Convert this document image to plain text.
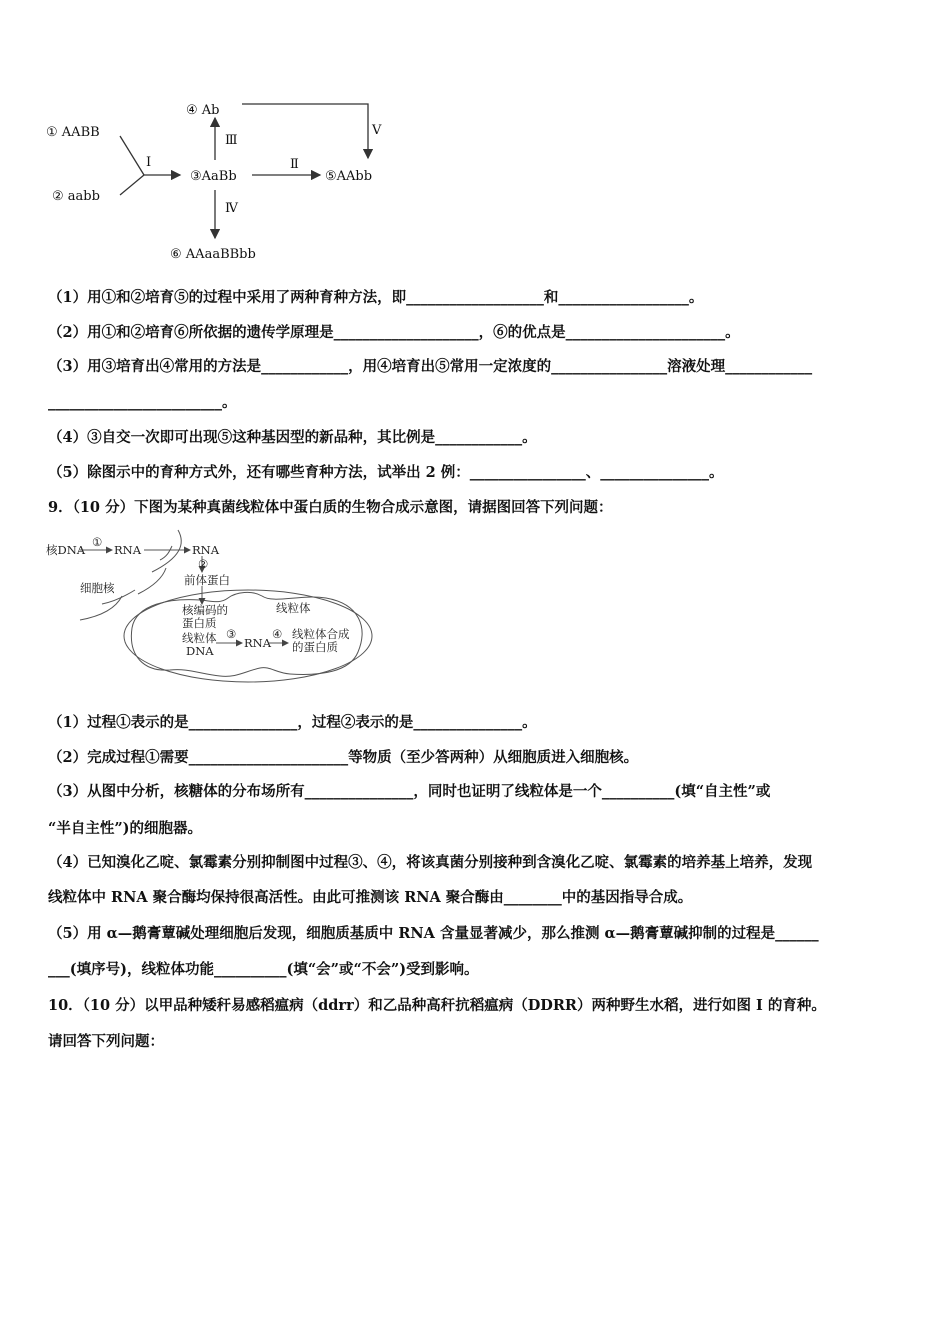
① AABB
② aabb
③AaBb
④ Ab
⑤AAbb
⑥ AAaaBBbb
Ⅰ	Ⅱ
Ⅲ
Ⅳ
Ⅴ
（1）用①和②培育⑤的过程中采用了两种育种方法，即___________________和__________________。
（2）用①和②培育⑥所依据的遗传学原理是____________________，⑥的优点是______________________。
（3）用③培育出④常用的方法是____________，用④培育出⑤常用一定浓度的________________溶液处理____________
________________________。
（4）③自交一次即可出现⑤这种基因型的新品种，其比例是____________。
（5）除图示中的育种方式外，还有哪些育种方法，试举出 2 例：________________、_______________。
9．（10 分）下图为某种真菌线粒体中蛋白质的生物合成示意图，请据图回答下列问题：
核DNA
①
RNA	RNA
②
前体蛋白
细胞核
线粒体
核编码的
蛋白质
线粒体
DNA
③
RNA
④ 线粒体合成
的蛋白质
（1）过程①表示的是_______________，过程②表示的是_______________。
（2）完成过程①需要______________________等物质（至少答两种）从细胞质进入细胞核。
（3）从图中分析，核糖体的分布场所有_______________，同时也证明了线粒体是一个__________(填“自主性”或
“半自主性”)的细胞器。
（4）已知溴化乙啶、氯霉素分别抑制图中过程③、④，将该真菌分别接种到含溴化乙啶、氯霉素的培养基上培养，发现
线粒体中 RNA 聚合酶均保持很高活性。由此可推测该 RNA 聚合酶由________中的基因指导合成。
（5）用 α—鹅膏蕈碱处理细胞后发现，细胞质基质中 RNA 含量显著减少，那么推测 α—鹅膏蕈碱抑制的过程是______
___(填序号)，线粒体功能__________(填“会”或“不会”)受到影响。
10．（10 分）以甲品种矮秆易感稻瘟病（ddrr）和乙品种高秆抗稻瘟病（DDRR）两种野生水稻，进行如图 I 的育种。
请回答下列问题：
